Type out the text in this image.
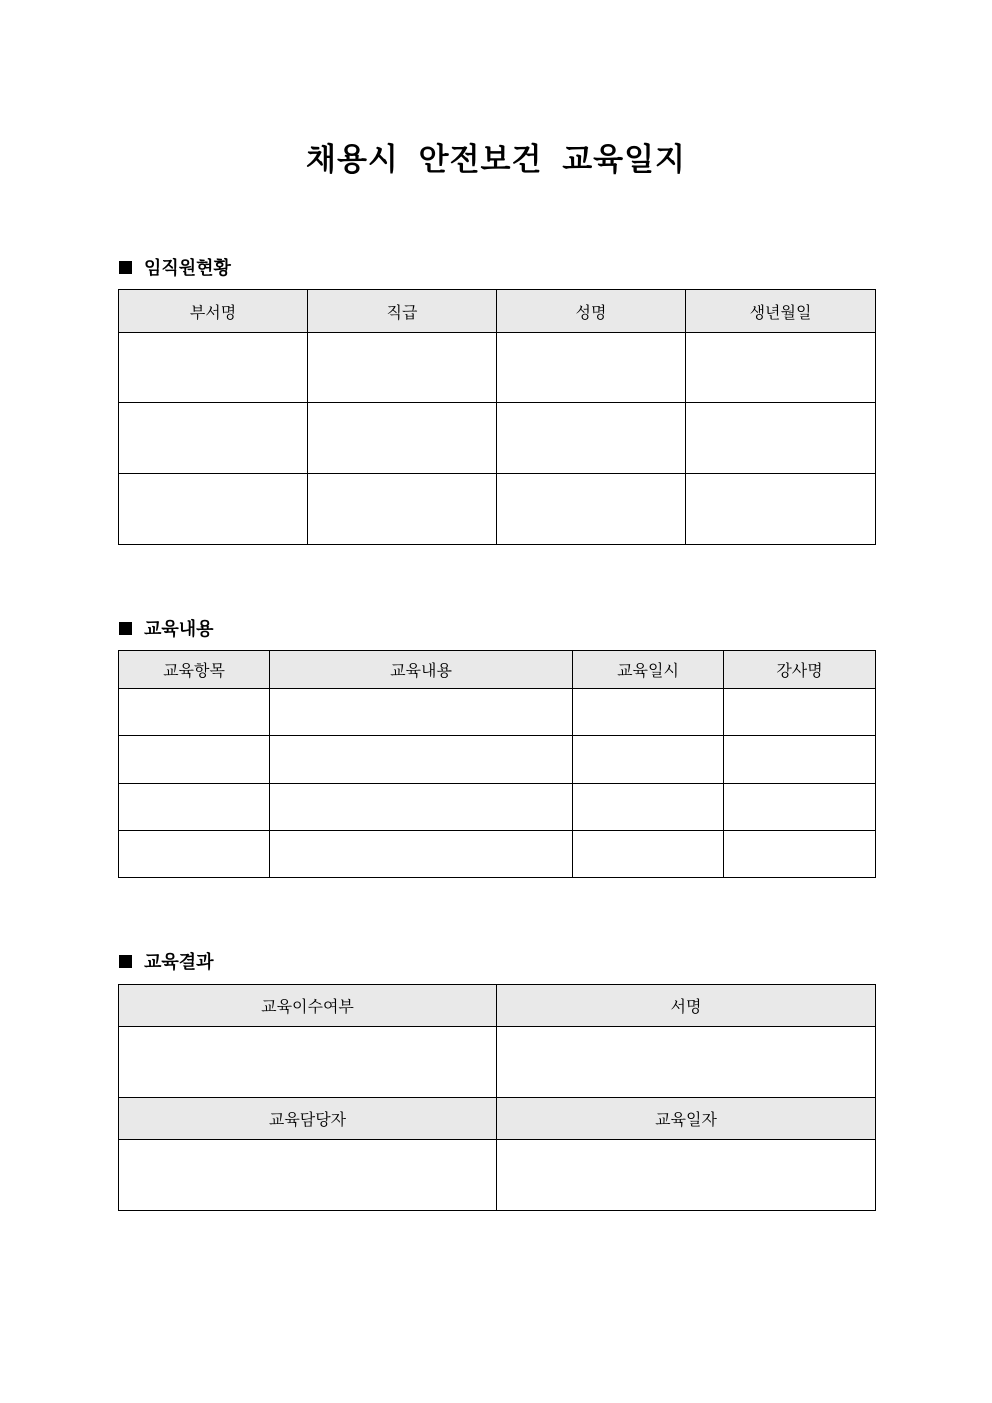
채용시 안전보건 교육일지
임직원현황
부서명	직급	성명	생년월일

교육내용
교육항목	교육내용	교육일시	강사명

교육결과
교육이수여부	서명

교육담당자	교육일자
